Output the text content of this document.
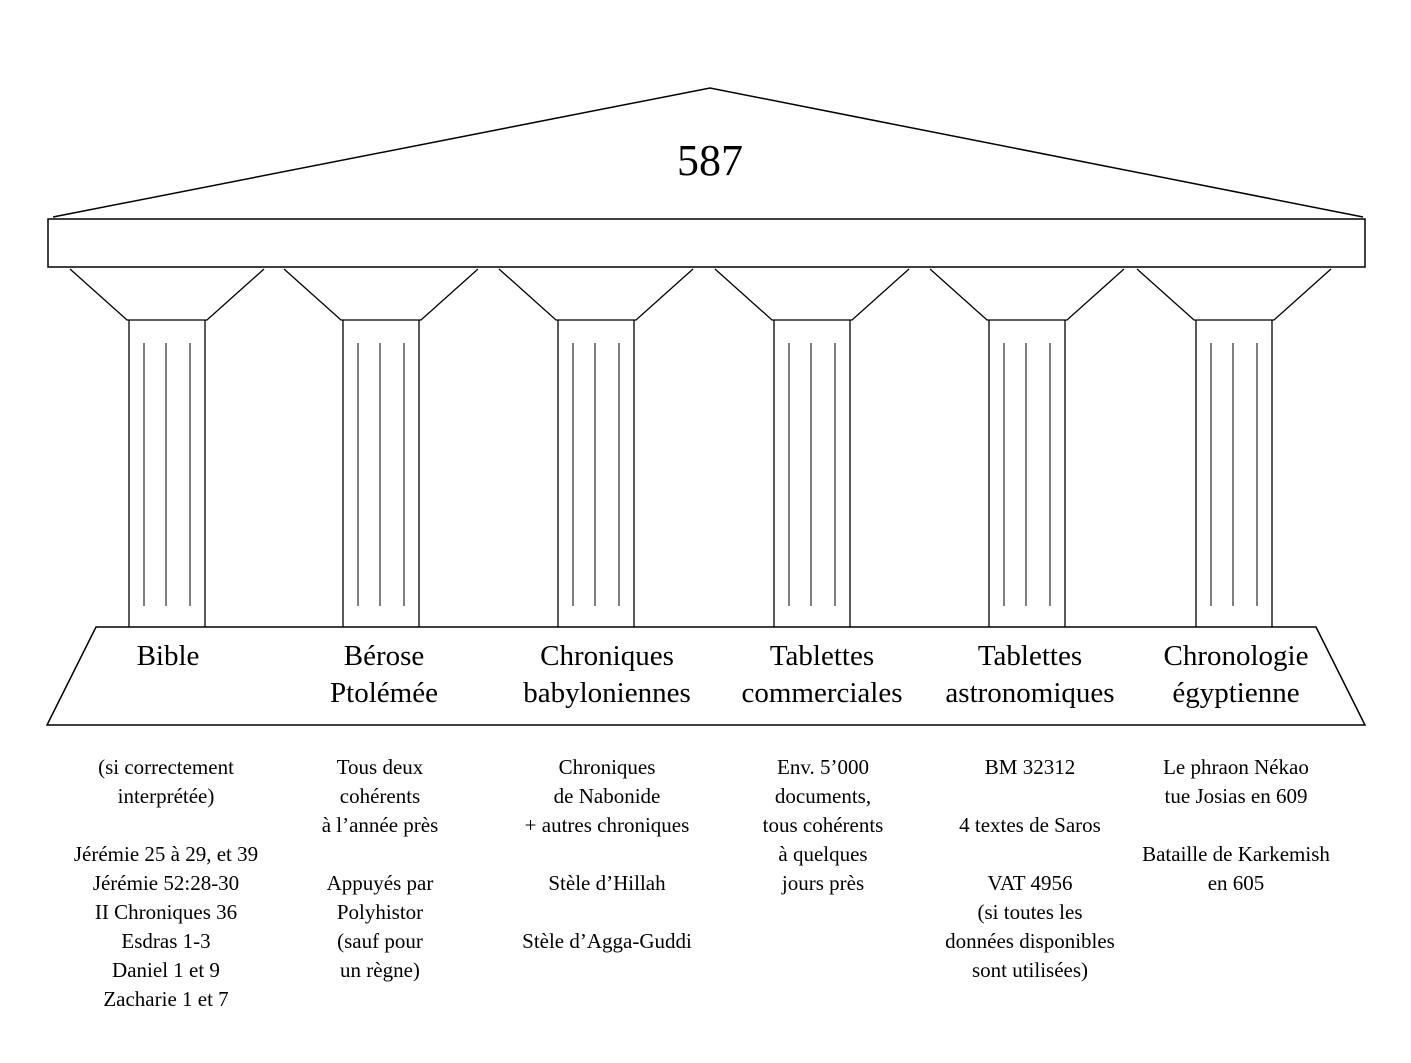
587
Bible	Bérose
Ptolémée
Chroniques
babyloniennes
Tablettes
commerciales
Tablettes
astronomiques
Chronologie
égyptienne
(si correctement
interprétée)
Jérémie 25 à 29, et 39
Jérémie 52:28-30
II Chroniques 36
Esdras 1-3
Daniel 1 et 9
Zacharie 1 et 7
Tous deux
cohérents
à l’année près
Appuyés par
Polyhistor
(sauf pour
un règne)
Chroniques
de Nabonide
+ autres chroniques
Stèle d’Hillah
Stèle d’Agga-Guddi
Env. 5’000
documents,
tous cohérents
à quelques
jours près
BM 32312
4 textes de Saros
VAT 4956
(si toutes les
données disponibles
sont utilisées)
Le phraon Nékao
tue Josias en 609
Bataille de Karkemish
en 605
